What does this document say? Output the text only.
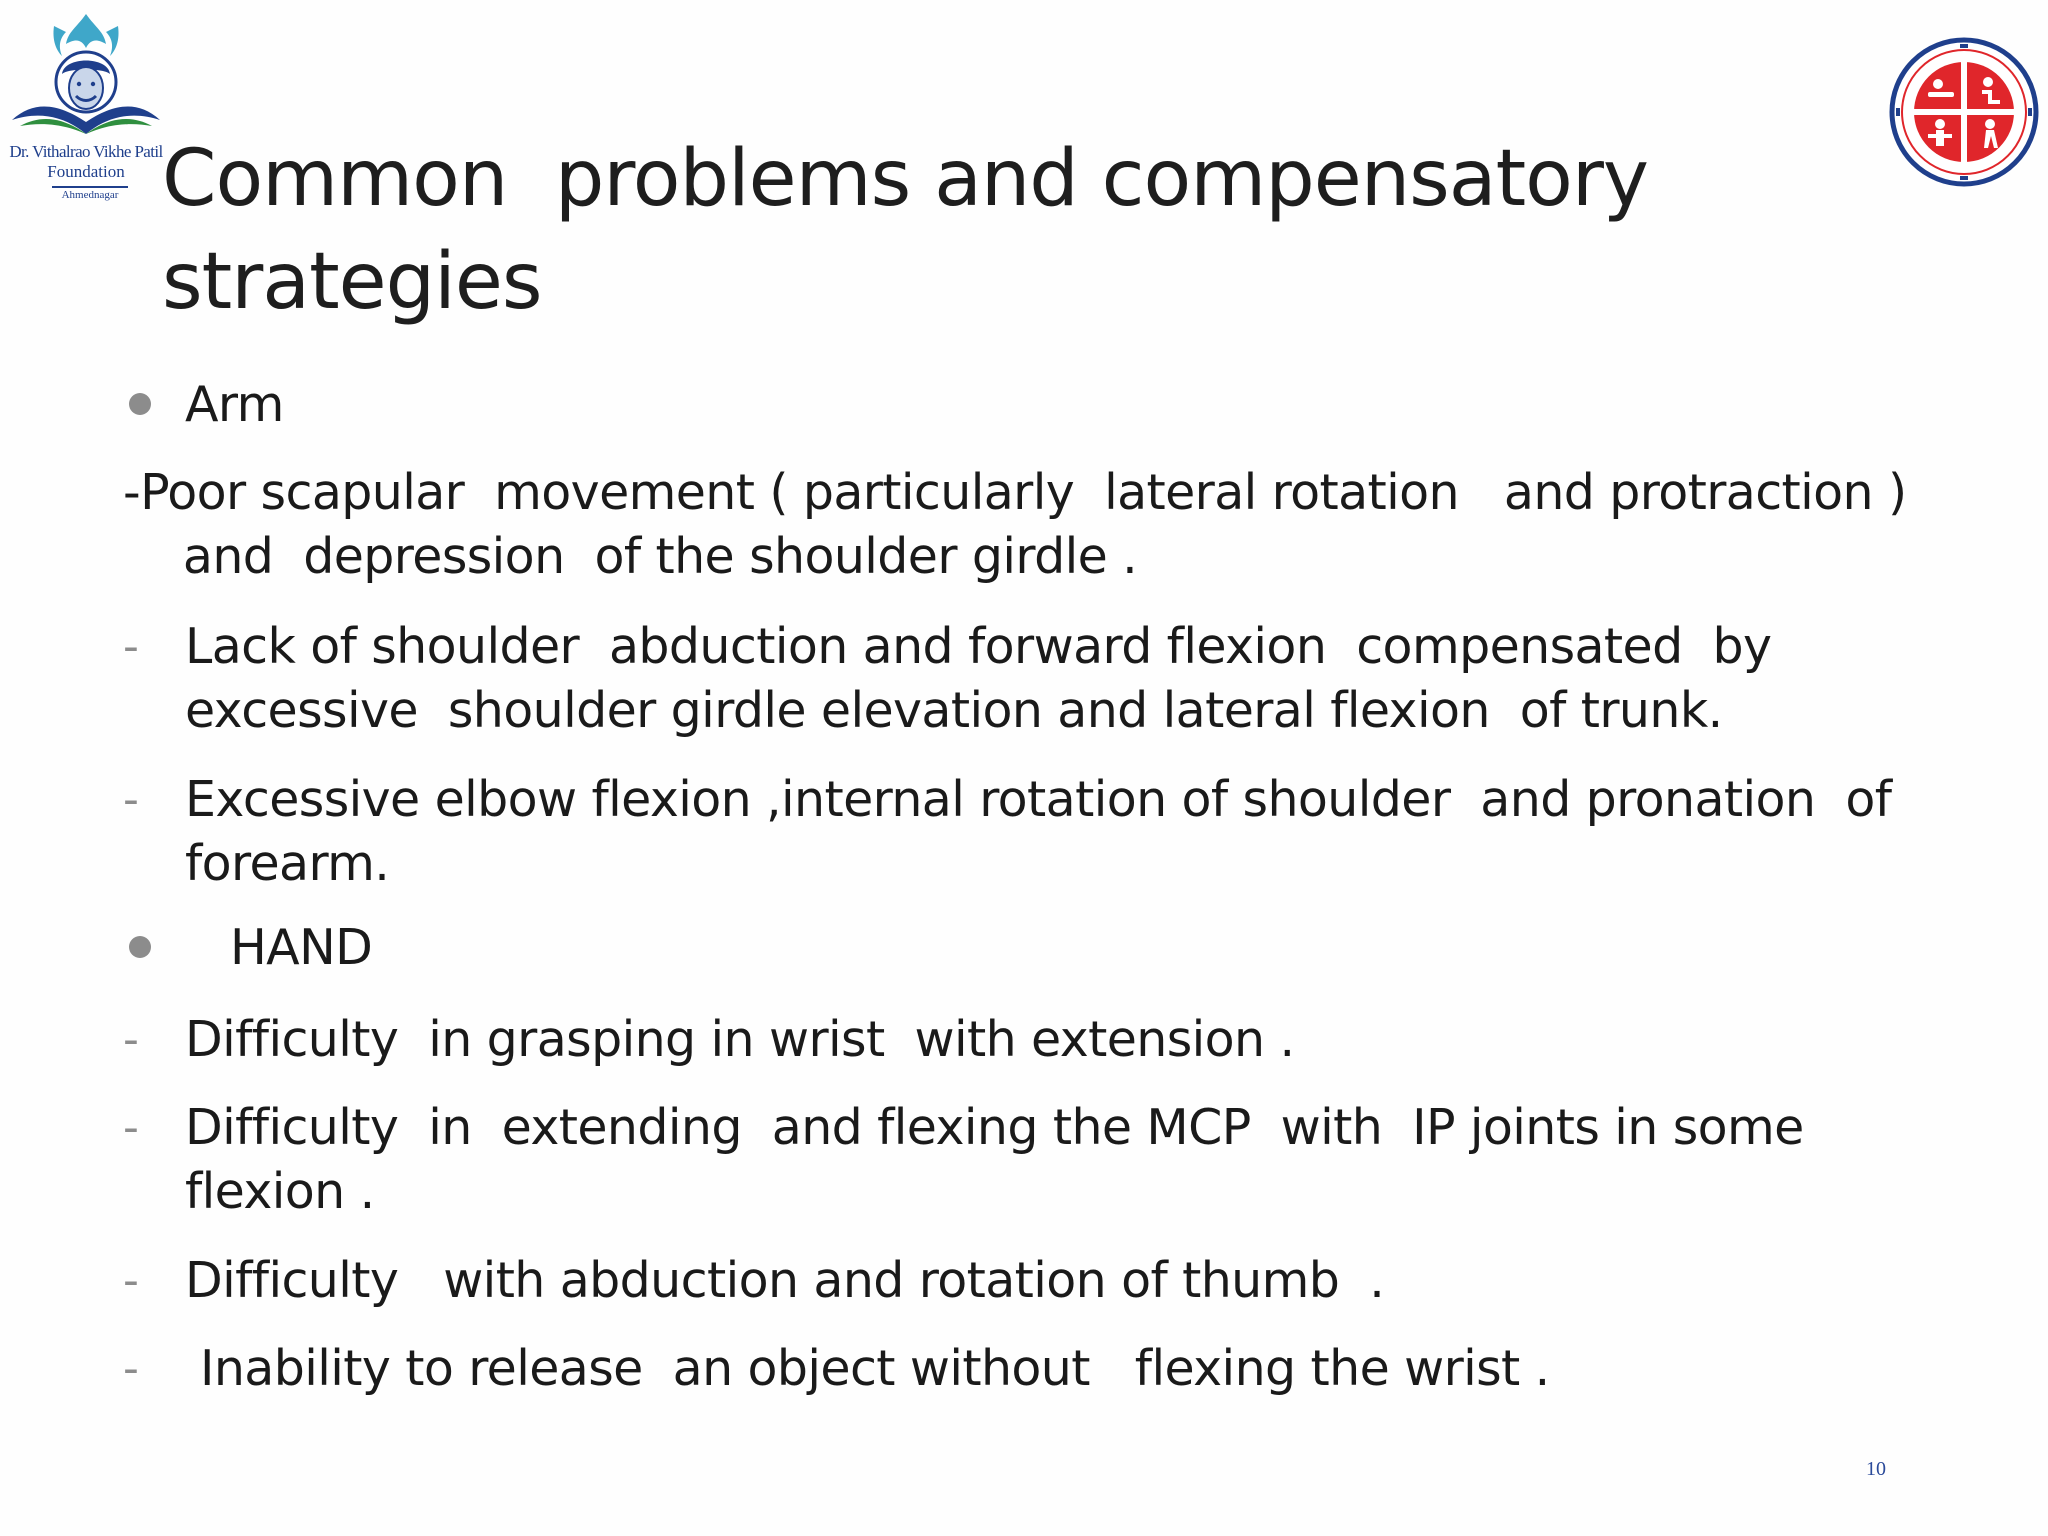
Dr. Vithalrao Vikhe Patil
Foundation
Ahmednagar Common  problems and compensatory
strategies
Arm
-Poor scapular  movement ( particularly  lateral rotation   and protraction )
and  depression  of the shoulder girdle .
- Lack of shoulder  abduction and forward flexion  compensated  by
excessive  shoulder girdle elevation and lateral flexion  of trunk.
- Excessive elbow flexion ,internal rotation of shoulder  and pronation  of
forearm.
HAND
- Difficulty  in grasping in wrist  with extension .
- Difficulty  in  extending  and flexing the MCP  with  IP joints in some
flexion .
- Difficulty   with abduction and rotation of thumb  .
- Inability to release  an object without   flexing the wrist .
10
